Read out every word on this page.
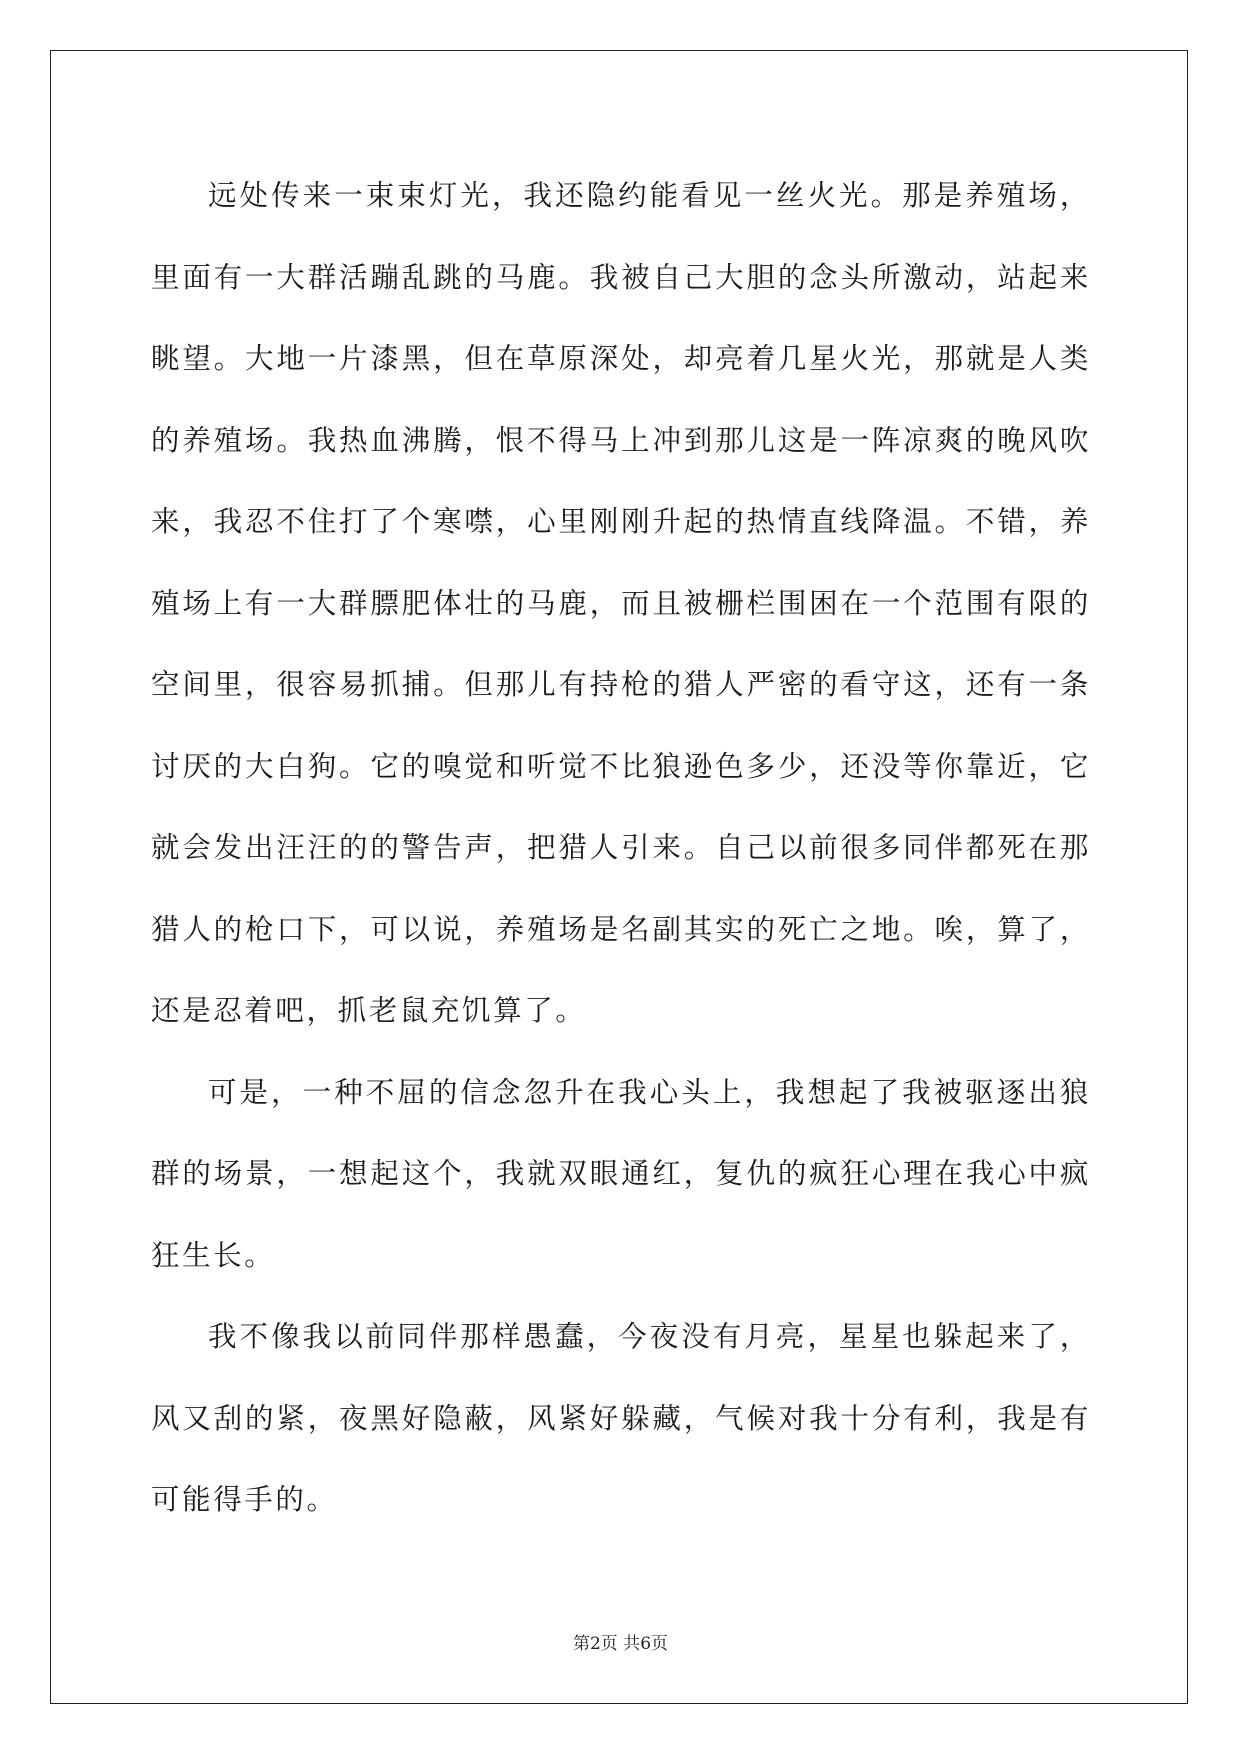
远处传来一束束灯光，我还隐约能看见一丝火光。那是养殖场，里面有一大群活蹦乱跳的马鹿。我被自己大胆的念头所激动，站起来眺望。大地一片漆黑，但在草原深处，却亮着几星火光，那就是人类的养殖场。我热血沸腾，恨不得马上冲到那儿这是一阵凉爽的晚风吹来，我忍不住打了个寒噤，心里刚刚升起的热情直线降温。不错，养殖场上有一大群膘肥体壮的马鹿，而且被栅栏围困在一个范围有限的空间里，很容易抓捕。但那儿有持枪的猎人严密的看守这，还有一条讨厌的大白狗。它的嗅觉和听觉不比狼逊色多少，还没等你靠近，它就会发出汪汪的的警告声，把猎人引来。自己以前很多同伴都死在那猎人的枪口下，可以说，养殖场是名副其实的死亡之地。唉，算了，还是忍着吧，抓老鼠充饥算了。

可是，一种不屈的信念忽升在我心头上，我想起了我被驱逐出狼群的场景，一想起这个，我就双眼通红，复仇的疯狂心理在我心中疯狂生长。

我不像我以前同伴那样愚蠢，今夜没有月亮，星星也躲起来了，风又刮的紧，夜黑好隐蔽，风紧好躲藏，气候对我十分有利，我是有可能得手的。

第2页 共6页
